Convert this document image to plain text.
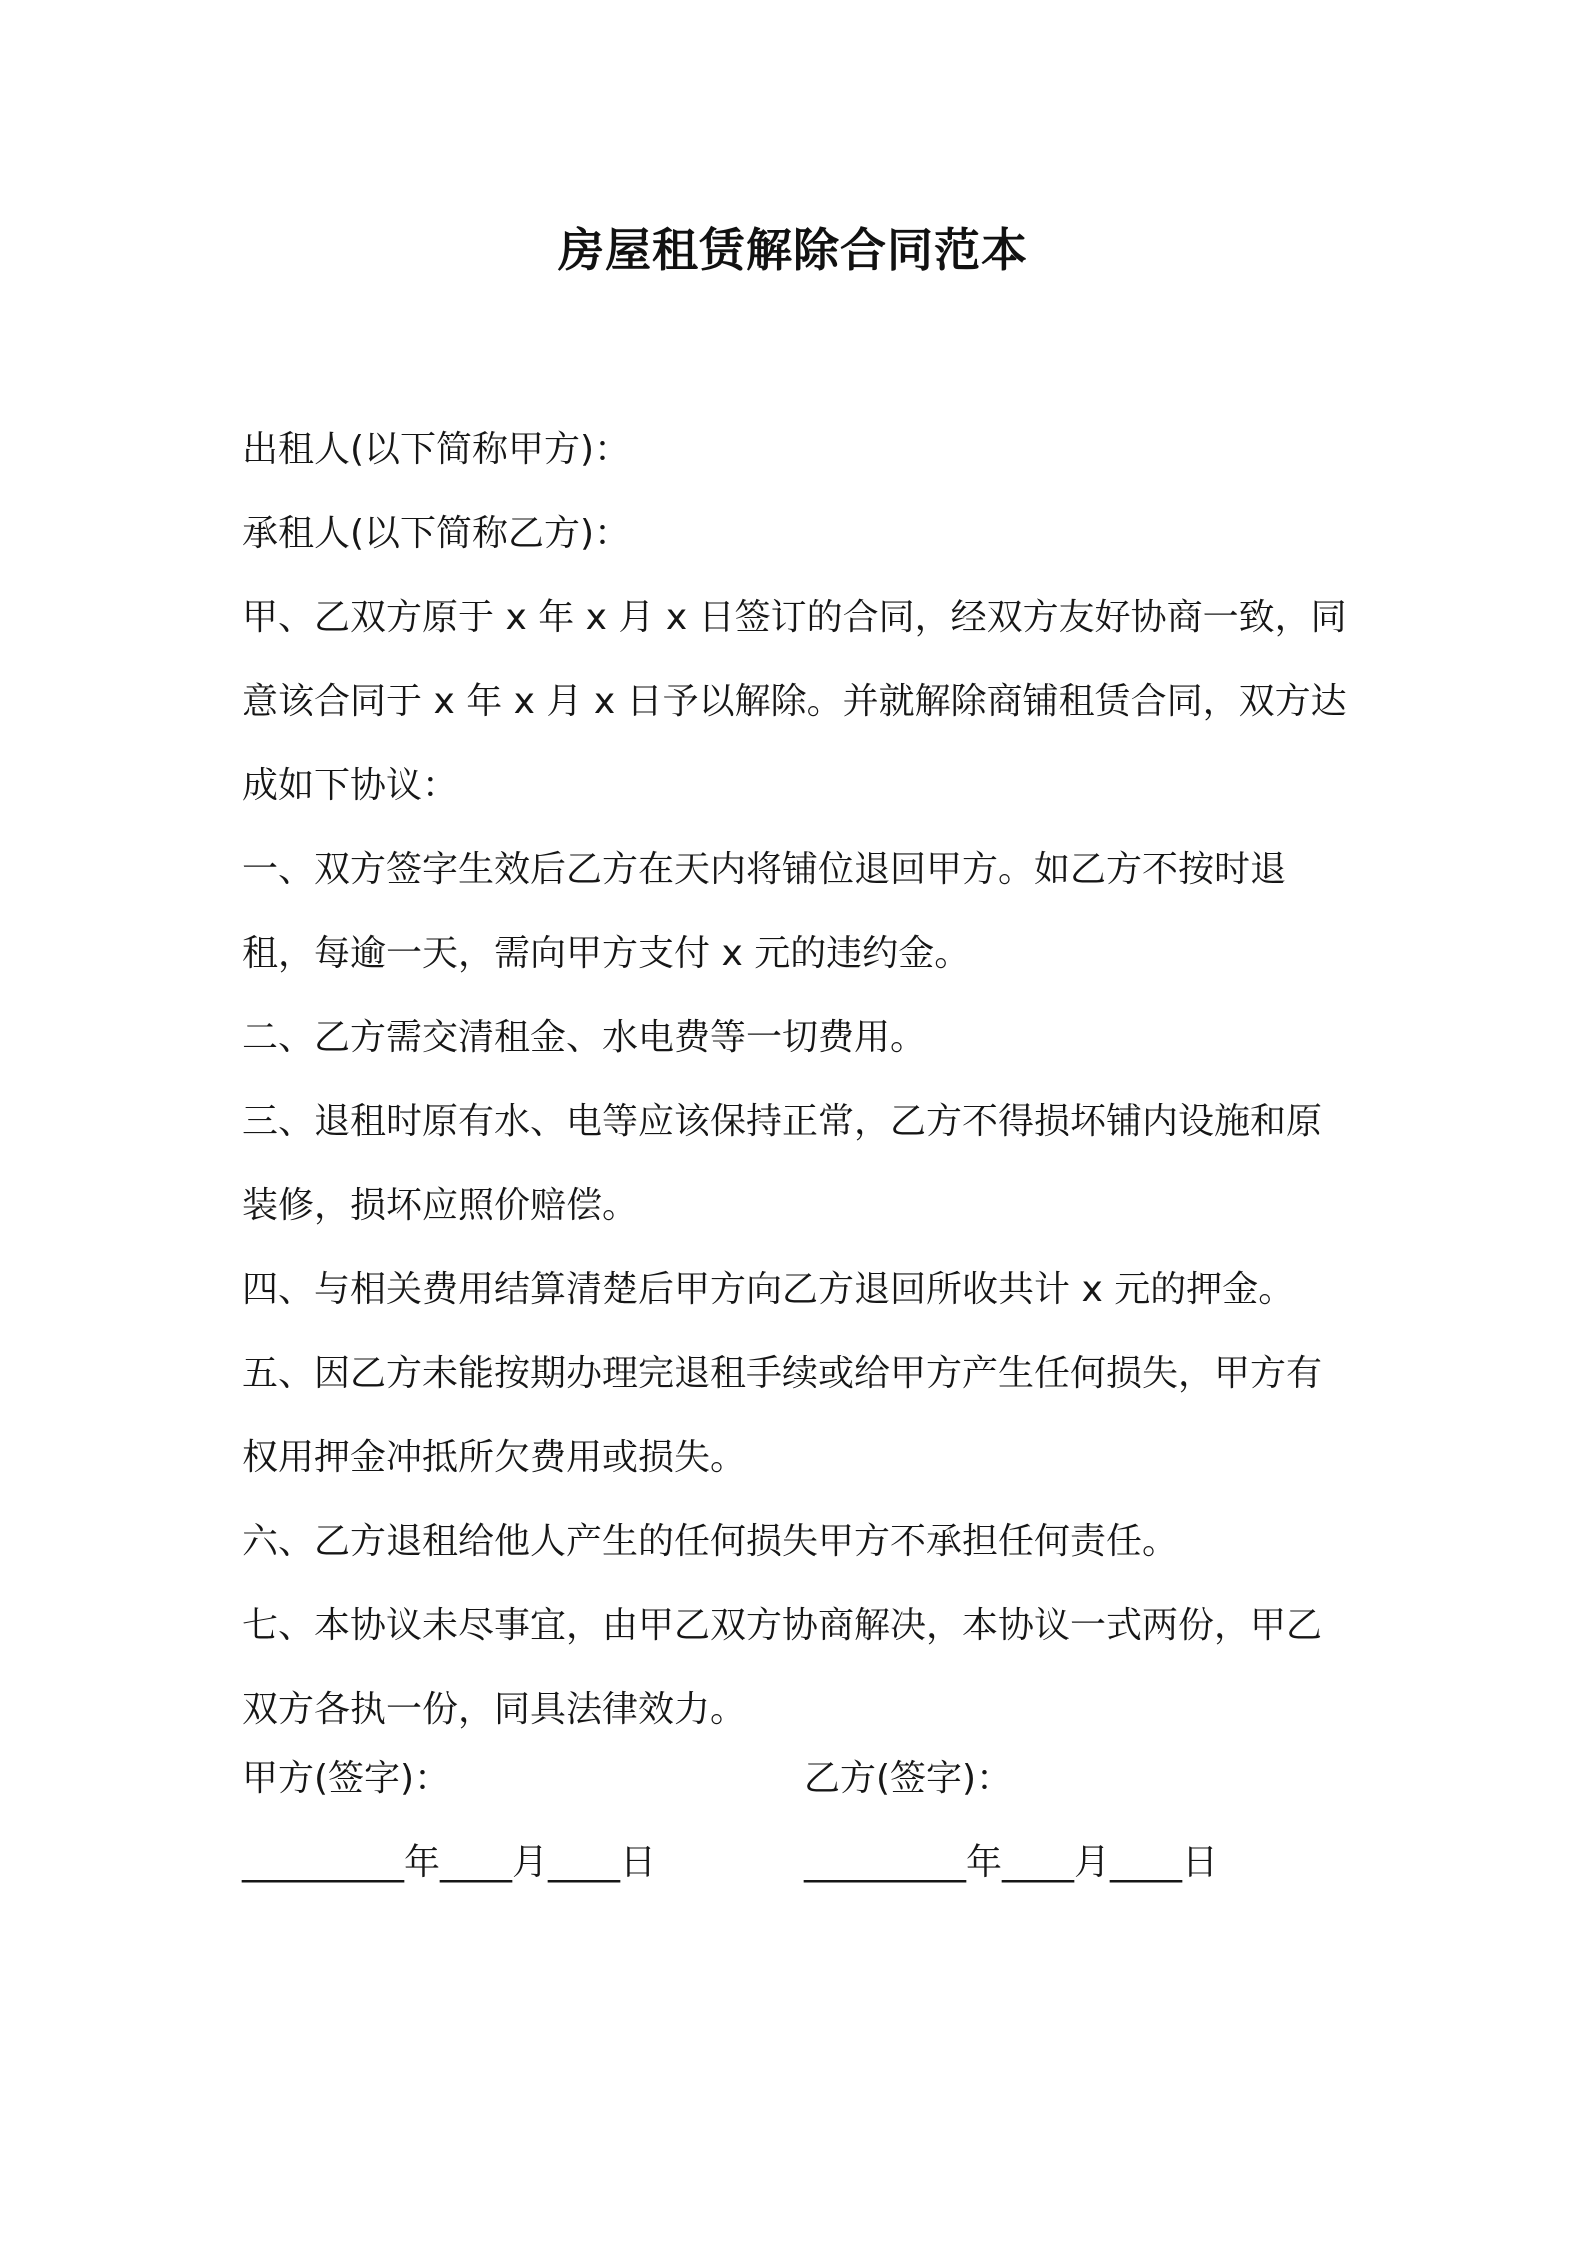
房屋租赁解除合同范本

出租人(以下简称甲方)：

承租人(以下简称乙方)：

甲、乙双方原于 x 年 x 月 x 日签订的合同，经双方友好协商一致，同意该合同于 x 年 x 月 x 日予以解除。并就解除商铺租赁合同，双方达成如下协议：

一、双方签字生效后乙方在天内将铺位退回甲方。如乙方不按时退租，每逾一天，需向甲方支付 x 元的违约金。

二、乙方需交清租金、水电费等一切费用。

三、退租时原有水、电等应该保持正常，乙方不得损坏铺内设施和原装修，损坏应照价赔偿。

四、与相关费用结算清楚后甲方向乙方退回所收共计 x 元的押金。

五、因乙方未能按期办理完退租手续或给甲方产生任何损失，甲方有权用押金冲抵所欠费用或损失。

六、乙方退租给他人产生的任何损失甲方不承担任何责任。

七、本协议未尽事宜，由甲乙双方协商解决，本协议一式两份，甲乙双方各执一份，同具法律效力。

甲方(签字)：	乙方(签字)：
_________年____月____日	_________年____月____日
